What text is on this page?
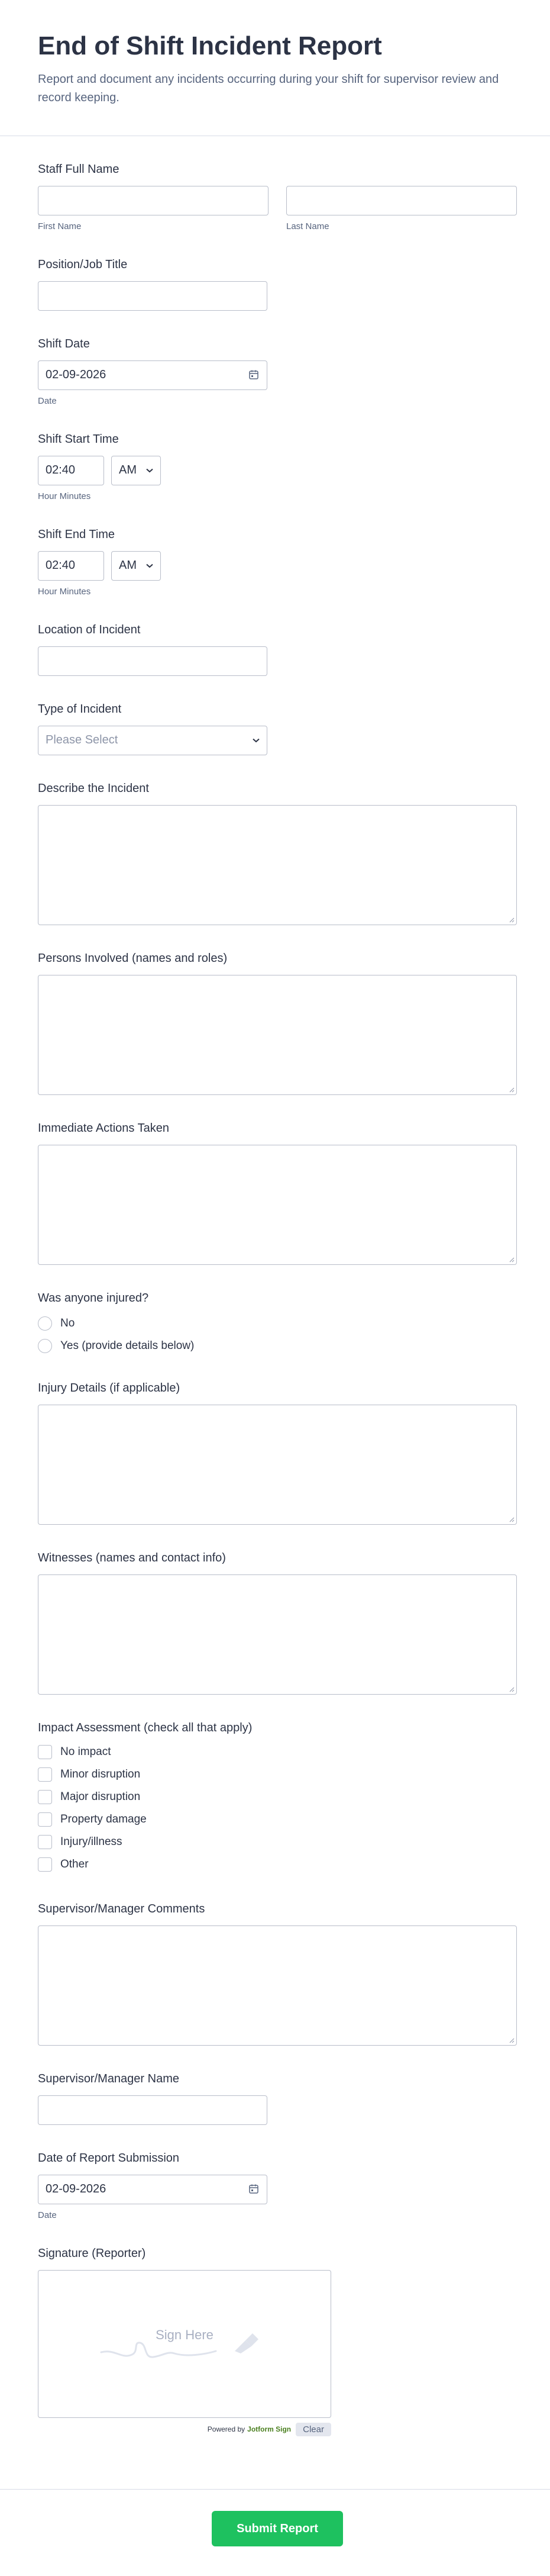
End of Shift Incident Report

Report and document any incidents occurring during your shift for supervisor review and record keeping.

Staff Full Name
First Name	Last Name
Position/Job Title
Shift Date
02-09-2026
Date
Shift Start Time
02:40
AM
Hour Minutes
Shift End Time
02:40
AM
Hour Minutes
Location of Incident
Type of Incident
Please Select
Describe the Incident
Persons Involved (names and roles)
Immediate Actions Taken
Was anyone injured?
No
Yes (provide details below)
Injury Details (if applicable)
Witnesses (names and contact info)
Impact Assessment (check all that apply)
No impact
Minor disruption
Major disruption
Property damage
Injury/illness
Other
Supervisor/Manager Comments
Supervisor/Manager Name
Date of Report Submission
02-09-2026
Date
Signature (Reporter)
Sign Here
Powered by Jotform Sign	Clear
Submit Report
